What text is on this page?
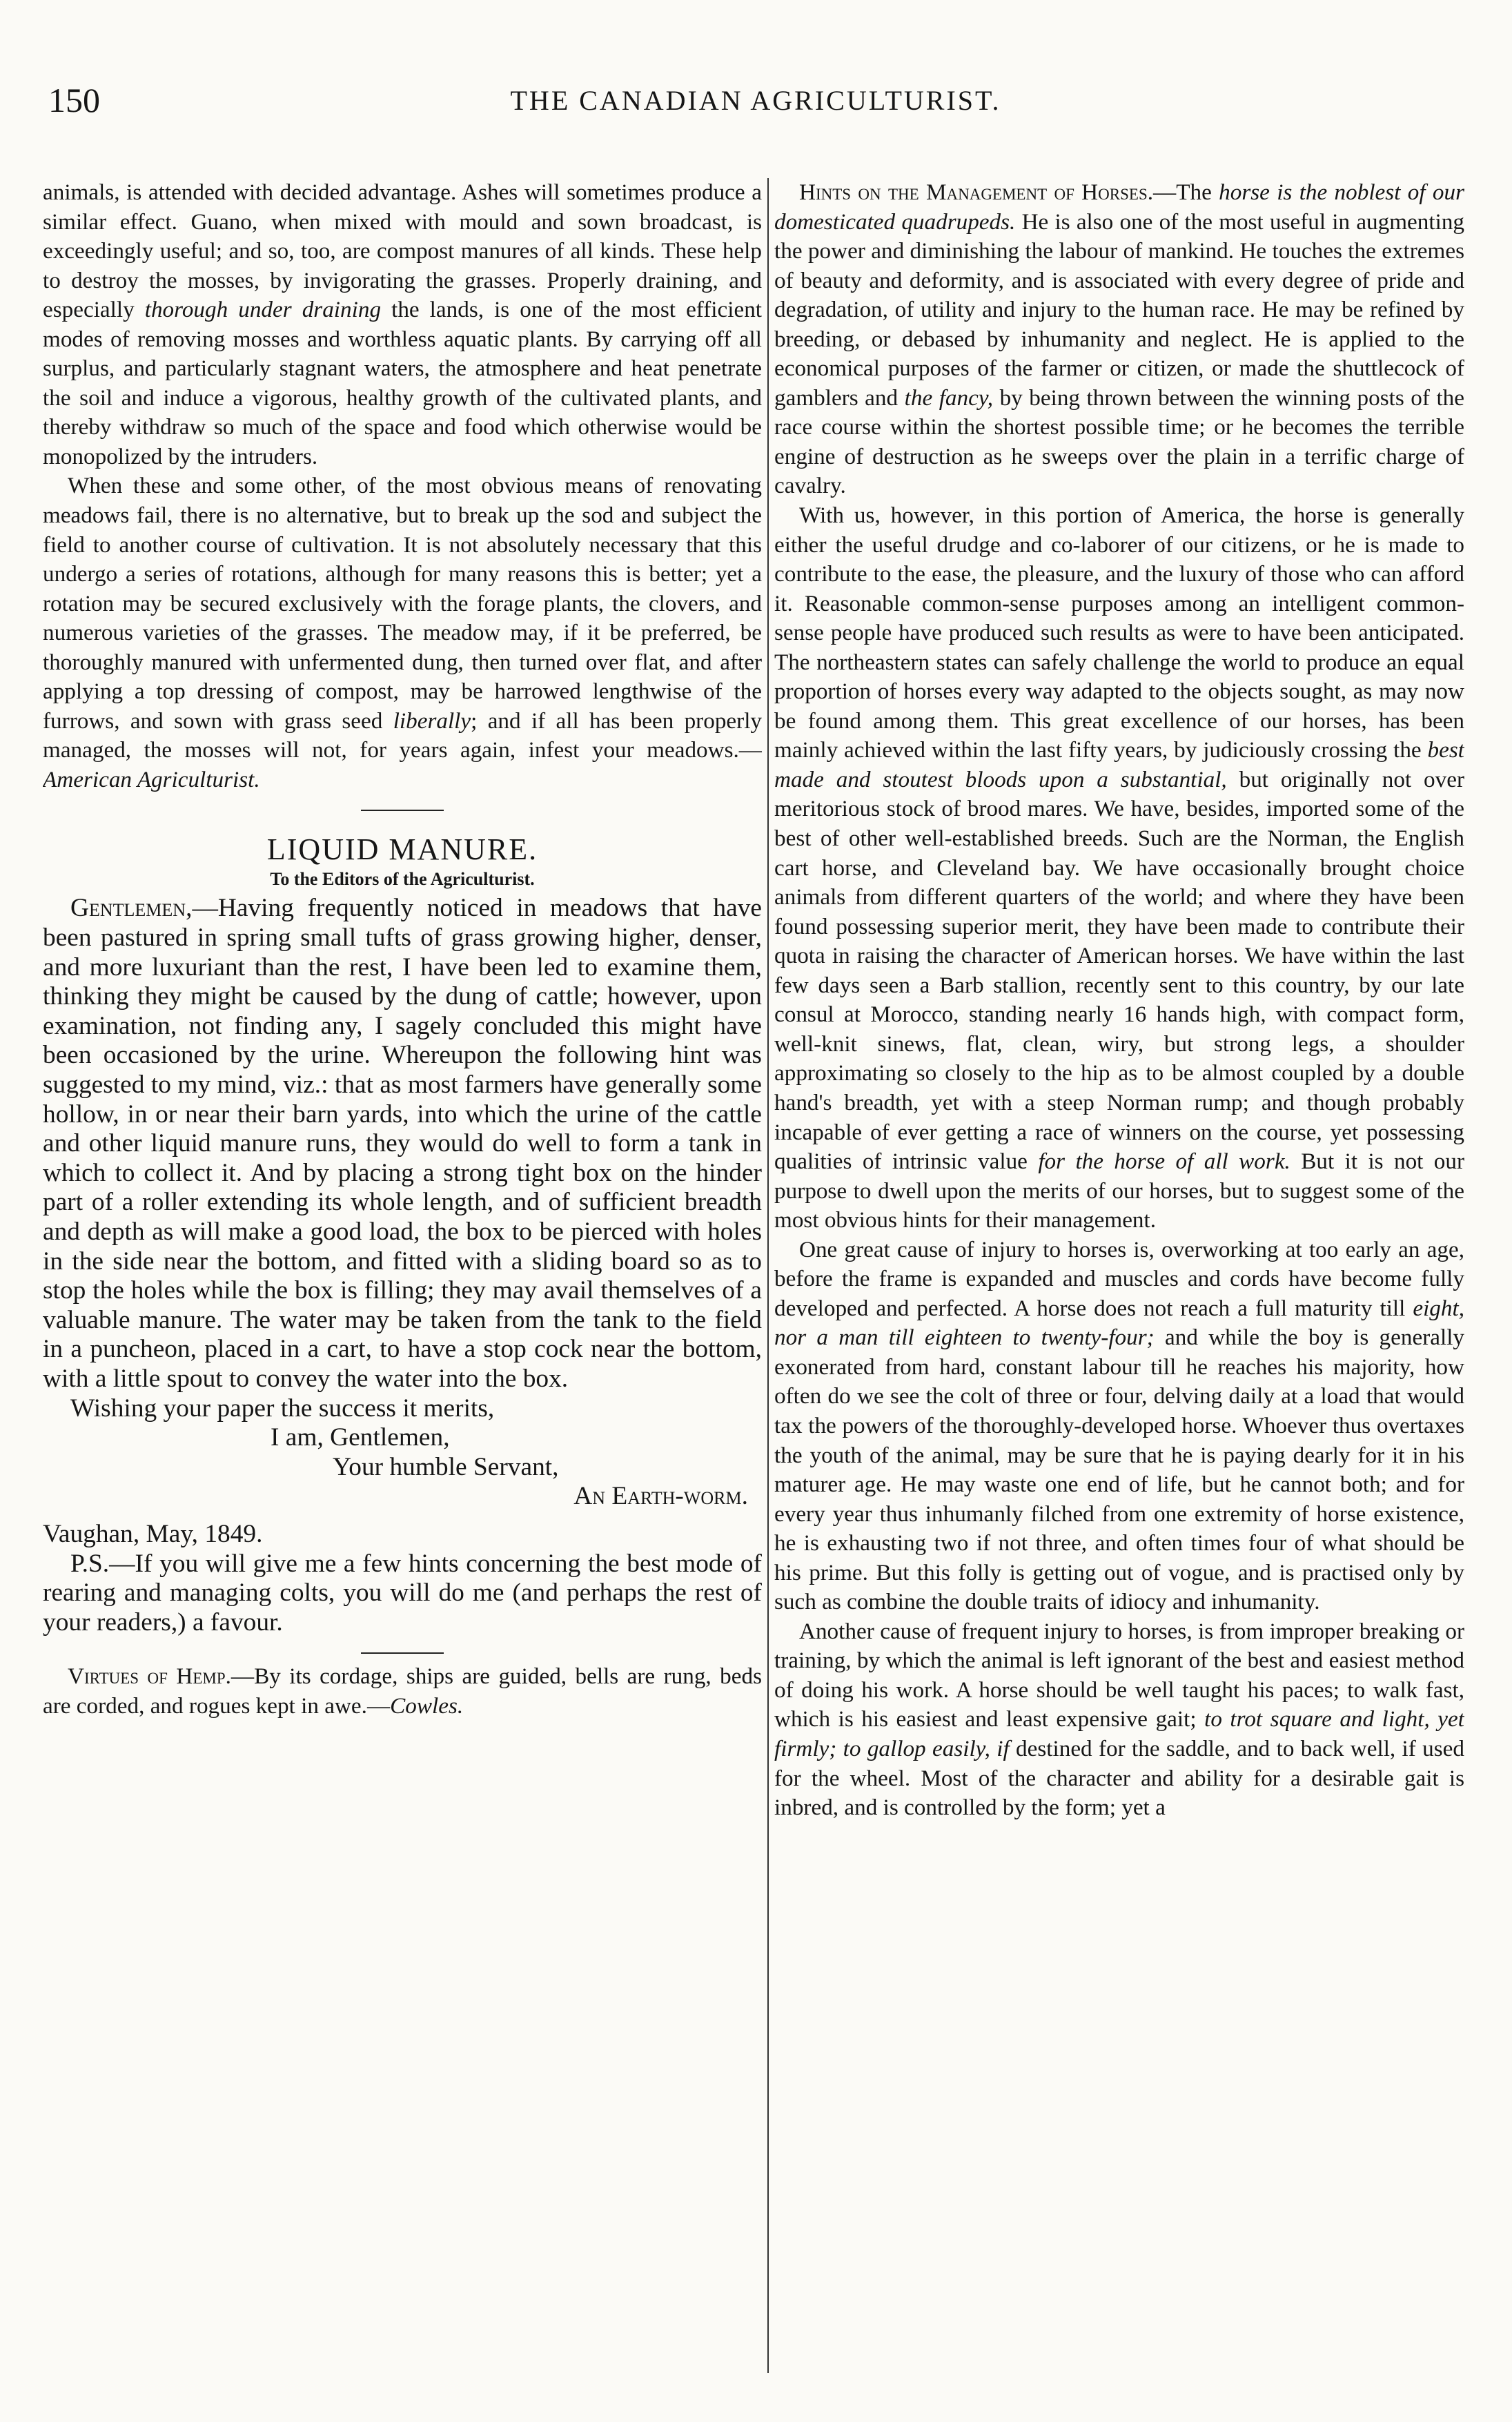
150	THE CANADIAN AGRICULTURIST.

animals, is attended with decided advantage. Ashes will sometimes produce a similar effect. Guano, when mixed with mould and sown broadcast, is exceedingly useful; and so, too, are compost manures of all kinds. These help to destroy the mosses, by invigorating the grasses. Properly draining, and especially thorough under draining the lands, is one of the most efficient modes of removing mosses and worthless aquatic plants. By carrying off all surplus, and particularly stagnant waters, the atmosphere and heat penetrate the soil and induce a vigorous, healthy growth of the cultivated plants, and thereby withdraw so much of the space and food which otherwise would be monopolized by the intruders.

When these and some other, of the most obvious means of renovating meadows fail, there is no alternative, but to break up the sod and subject the field to another course of cultivation. It is not absolutely necessary that this undergo a series of rotations, although for many reasons this is better; yet a rotation may be secured exclusively with the forage plants, the clovers, and numerous varieties of the grasses. The meadow may, if it be preferred, be thoroughly manured with unfermented dung, then turned over flat, and after applying a top dressing of compost, may be harrowed lengthwise of the furrows, and sown with grass seed liberally; and if all has been properly managed, the mosses will not, for years again, infest your meadows.— American Agriculturist.

LIQUID MANURE.
To the Editors of the Agriculturist.

Gentlemen,—Having frequently noticed in meadows that have been pastured in spring small tufts of grass growing higher, denser, and more luxuriant than the rest, I have been led to examine them, thinking they might be caused by the dung of cattle; however, upon examination, not finding any, I sagely concluded this might have been occasioned by the urine. Whereupon the following hint was suggested to my mind, viz.: that as most farmers have generally some hollow, in or near their barn yards, into which the urine of the cattle and other liquid manure runs, they would do well to form a tank in which to collect it. And by placing a strong tight box on the hinder part of a roller extending its whole length, and of sufficient breadth and depth as will make a good load, the box to be pierced with holes in the side near the bottom, and fitted with a sliding board so as to stop the holes while the box is filling; they may avail themselves of a valuable manure. The water may be taken from the tank to the field in a puncheon, placed in a cart, to have a stop cock near the bottom, with a little spout to convey the water into the box.

Wishing your paper the success it merits,

I am, Gentlemen,
Your humble Servant,
An Earth-worm.
Vaughan, May, 1849.

P.S.—If you will give me a few hints concerning the best mode of rearing and managing colts, you will do me (and perhaps the rest of your readers,) a favour.

Virtues of Hemp.—By its cordage, ships are guided, bells are rung, beds are corded, and rogues kept in awe.—Cowles.

Hints on the Management of Horses.—The horse is the noblest of our domesticated quadrupeds. He is also one of the most useful in augmenting the power and diminishing the labour of mankind. He touches the extremes of beauty and deformity, and is associated with every degree of pride and degradation, of utility and injury to the human race. He may be refined by breeding, or debased by inhumanity and neglect. He is applied to the economical purposes of the farmer or citizen, or made the shuttlecock of gamblers and the fancy, by being thrown between the winning posts of the race course within the shortest possible time; or he becomes the terrible engine of destruction as he sweeps over the plain in a terrific charge of cavalry.

With us, however, in this portion of America, the horse is generally either the useful drudge and co-laborer of our citizens, or he is made to contribute to the ease, the pleasure, and the luxury of those who can afford it. Reasonable common-sense purposes among an intelligent common-sense people have produced such results as were to have been anticipated. The northeastern states can safely challenge the world to produce an equal proportion of horses every way adapted to the objects sought, as may now be found among them. This great excellence of our horses, has been mainly achieved within the last fifty years, by judiciously crossing the best made and stoutest bloods upon a substantial, but originally not over meritorious stock of brood mares. We have, besides, imported some of the best of other well-established breeds. Such are the Norman, the English cart horse, and Cleveland bay. We have occasionally brought choice animals from different quarters of the world; and where they have been found possessing superior merit, they have been made to contribute their quota in raising the character of American horses. We have within the last few days seen a Barb stallion, recently sent to this country, by our late consul at Morocco, standing nearly 16 hands high, with compact form, well-knit sinews, flat, clean, wiry, but strong legs, a shoulder approximating so closely to the hip as to be almost coupled by a double hand's breadth, yet with a steep Norman rump; and though probably incapable of ever getting a race of winners on the course, yet possessing qualities of intrinsic value for the horse of all work. But it is not our purpose to dwell upon the merits of our horses, but to suggest some of the most obvious hints for their management.

One great cause of injury to horses is, overworking at too early an age, before the frame is expanded and muscles and cords have become fully developed and perfected. A horse does not reach a full maturity till eight, nor a man till eighteen to twenty-four; and while the boy is generally exonerated from hard, constant labour till he reaches his majority, how often do we see the colt of three or four, delving daily at a load that would tax the powers of the thoroughly-developed horse. Whoever thus overtaxes the youth of the animal, may be sure that he is paying dearly for it in his maturer age. He may waste one end of life, but he cannot both; and for every year thus inhumanly filched from one extremity of horse existence, he is exhausting two if not three, and often times four of what should be his prime. But this folly is getting out of vogue, and is practised only by such as combine the double traits of idiocy and inhumanity.

Another cause of frequent injury to horses, is from improper breaking or training, by which the animal is left ignorant of the best and easiest method of doing his work. A horse should be well taught his paces; to walk fast, which is his easiest and least expensive gait; to trot square and light, yet firmly; to gallop easily, if destined for the saddle, and to back well, if used for the wheel. Most of the character and ability for a desirable gait is inbred, and is controlled by the form; yet a
